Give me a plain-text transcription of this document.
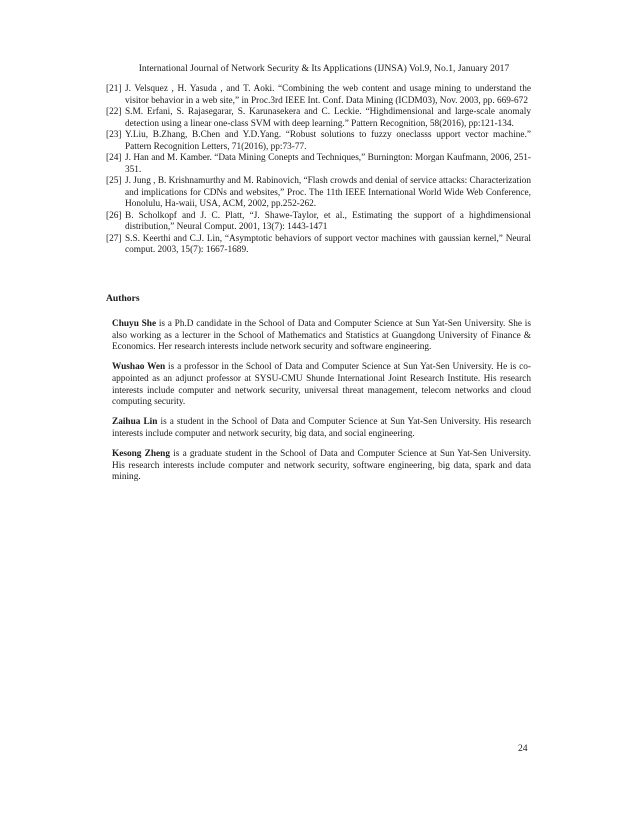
International Journal of Network Security & Its Applications (IJNSA) Vol.9, No.1, January 2017
[21] J. Velsquez , H. Yasuda , and T. Aoki. “Combining the web content and usage mining to understand the visitor behavior in a web site,” in Proc.3rd IEEE Int. Conf. Data Mining (ICDM03), Nov. 2003, pp. 669-672
[22] S.M. Erfani, S. Rajasegarar, S. Karunasekera and C. Leckie. “Highdimensional and large-scale anomaly detection using a linear one-class SVM with deep learning.” Pattern Recognition, 58(2016), pp:121-134.
[23] Y.Liu, B.Zhang, B.Chen and Y.D.Yang. “Robust solutions to fuzzy oneclasss upport vector machine.” Pattern Recognition Letters, 71(2016), pp:73-77.
[24] J. Han and M. Kamber. “Data Mining Conepts and Techniques,” Burnington: Morgan Kaufmann, 2006, 251-351.
[25] J. Jung , B. Krishnamurthy and M. Rabinovich, “Flash crowds and denial of service attacks: Characterization and implications for CDNs and websites,” Proc. The 11th IEEE International World Wide Web Conference, Honolulu, Ha-waii, USA, ACM, 2002, pp.252-262.
[26] B. Scholkopf and J. C. Platt, “J. Shawe-Taylor, et al., Estimating the support of a highdimensional distribution,” Neural Comput. 2001, 13(7): 1443-1471
[27] S.S. Keerthi and C.J. Lin, “Asymptotic behaviors of support vector machines with gaussian kernel,” Neural comput. 2003, 15(7): 1667-1689.
Authors

Chuyu She is a Ph.D candidate in the School of Data and Computer Science at Sun Yat-Sen University. She is also working as a lecturer in the School of Mathematics and Statistics at Guangdong University of Finance & Economics. Her research interests include network security and software engineering.

Wushao Wen is a professor in the School of Data and Computer Science at Sun Yat-Sen University. He is co-appointed as an adjunct professor at SYSU-CMU Shunde International Joint Research Institute. His research interests include computer and network security, universal threat management, telecom networks and cloud computing security.

Zaihua Lin is a student in the School of Data and Computer Science at Sun Yat-Sen University. His research interests include computer and network security, big data, and social engineering.

Kesong Zheng is a graduate student in the School of Data and Computer Science at Sun Yat-Sen University. His research interests include computer and network security, software engineering, big data, spark and data mining.

24
